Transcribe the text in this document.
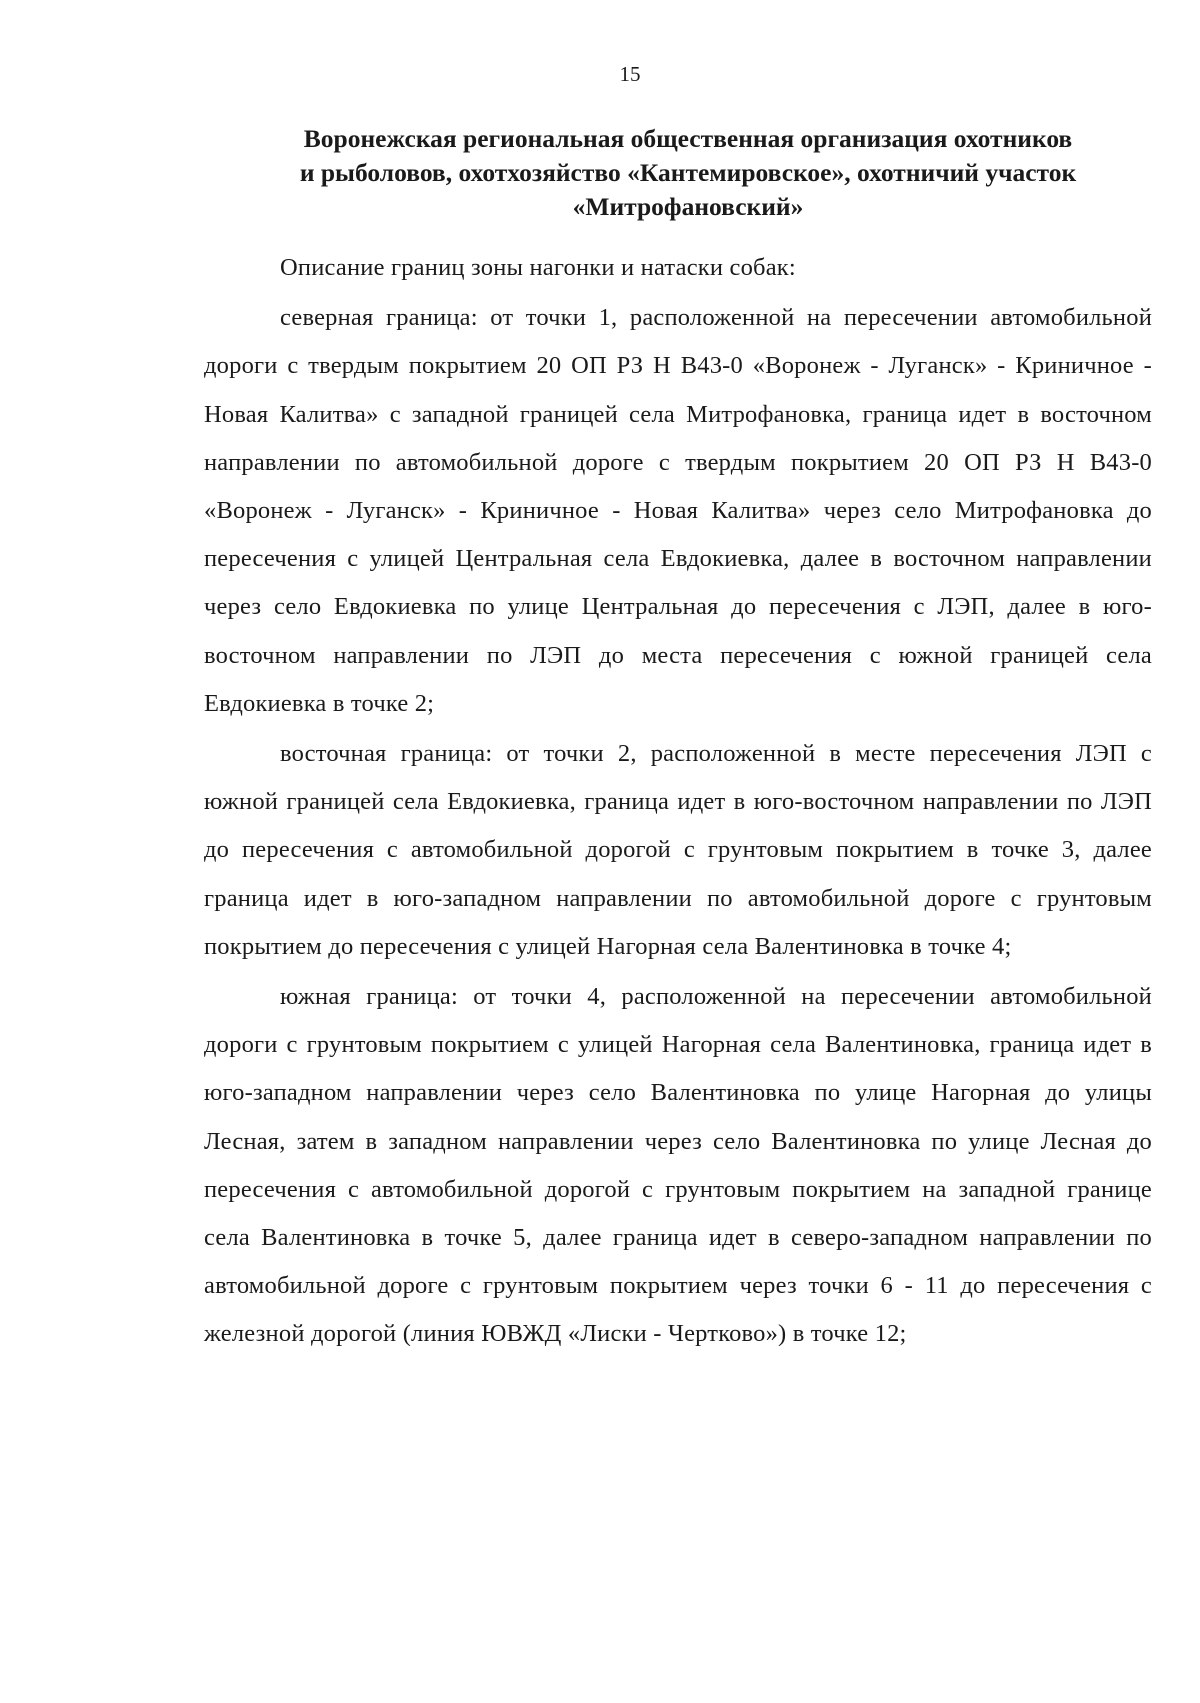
15
Воронежская региональная общественная организация охотников
и рыболовов, охотхозяйство «Кантемировское», охотничий участок
«Митрофановский»

Описание границ зоны нагонки и натаски собак:

северная граница: от точки 1, расположенной на пересечении автомобильной дороги с твердым покрытием 20 ОП РЗ Н В43-0 «Воронеж - Луганск» - Криничное - Новая Калитва» с западной границей села Митрофановка, граница идет в восточном направлении по автомобильной дороге с твердым покрытием 20 ОП РЗ Н В43-0 «Воронеж - Луганск» - Криничное - Новая Калитва» через село Митрофановка до пересечения с улицей Центральная села Евдокиевка, далее в восточном направлении через село Евдокиевка по улице Центральная до пересечения с ЛЭП, далее в юго-восточном направлении по ЛЭП до места пересечения с южной границей села Евдокиевка в точке 2;

восточная граница: от точки 2, расположенной в месте пересечения ЛЭП с южной границей села Евдокиевка, граница идет в юго-восточном направлении по ЛЭП до пересечения с автомобильной дорогой с грунтовым покрытием в точке 3, далее граница идет в юго-западном направлении по автомобильной дороге с грунтовым покрытием до пересечения с улицей Нагорная села Валентиновка в точке 4;

южная граница: от точки 4, расположенной на пересечении автомобильной дороги с грунтовым покрытием с улицей Нагорная села Валентиновка, граница идет в юго-западном направлении через село Валентиновка по улице Нагорная до улицы Лесная, затем в западном направлении через село Валентиновка по улице Лесная до пересечения с автомобильной дорогой с грунтовым покрытием на западной границе села Валентиновка в точке 5, далее граница идет в северо-западном направлении по автомобильной дороге с грунтовым покрытием через точки 6 - 11 до пересечения с железной дорогой (линия ЮВЖД «Лиски - Чертково») в точке 12;
